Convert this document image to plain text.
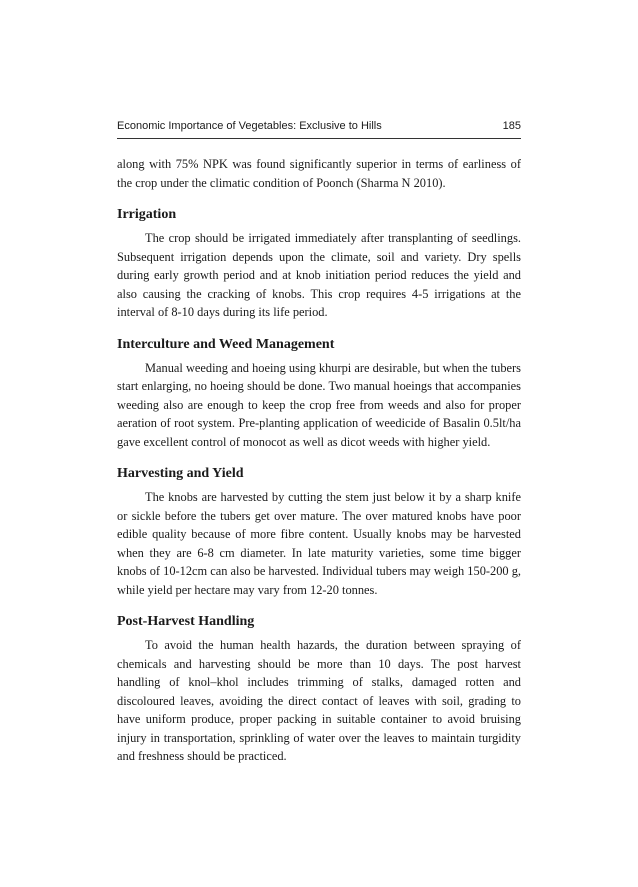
Economic Importance of Vegetables: Exclusive to Hills	185

along with 75% NPK was found significantly superior in terms of earliness of the crop under the climatic condition of Poonch (Sharma N 2010).

Irrigation

The crop should be irrigated immediately after transplanting of seedlings. Subsequent irrigation depends upon the climate, soil and variety. Dry spells during early growth period and at knob initiation period reduces the yield and also causing the cracking of knobs. This crop requires 4-5 irrigations at the interval of 8-10 days during its life period.

Interculture and Weed Management

Manual weeding and hoeing using khurpi are desirable, but when the tubers start enlarging, no hoeing should be done. Two manual hoeings that accompanies weeding also are enough to keep the crop free from weeds and also for proper aeration of root system. Pre-planting application of weedicide of Basalin 0.5lt/ha gave excellent control of monocot as well as dicot weeds with higher yield.

Harvesting and Yield

The knobs are harvested by cutting the stem just below it by a sharp knife or sickle before the tubers get over mature. The over matured knobs have poor edible quality because of more fibre content. Usually knobs may be harvested when they are 6-8 cm diameter. In late maturity varieties, some time bigger knobs of 10-12cm can also be harvested. Individual tubers may weigh 150-200 g, while yield per hectare may vary from 12-20 tonnes.

Post-Harvest Handling

To avoid the human health hazards, the duration between spraying of chemicals and harvesting should be more than 10 days. The post harvest handling of knol–khol includes trimming of stalks, damaged rotten and discoloured leaves, avoiding the direct contact of leaves with soil, grading to have uniform produce, proper packing in suitable container to avoid bruising injury in transportation, sprinkling of water over the leaves to maintain turgidity and freshness should be practiced.
